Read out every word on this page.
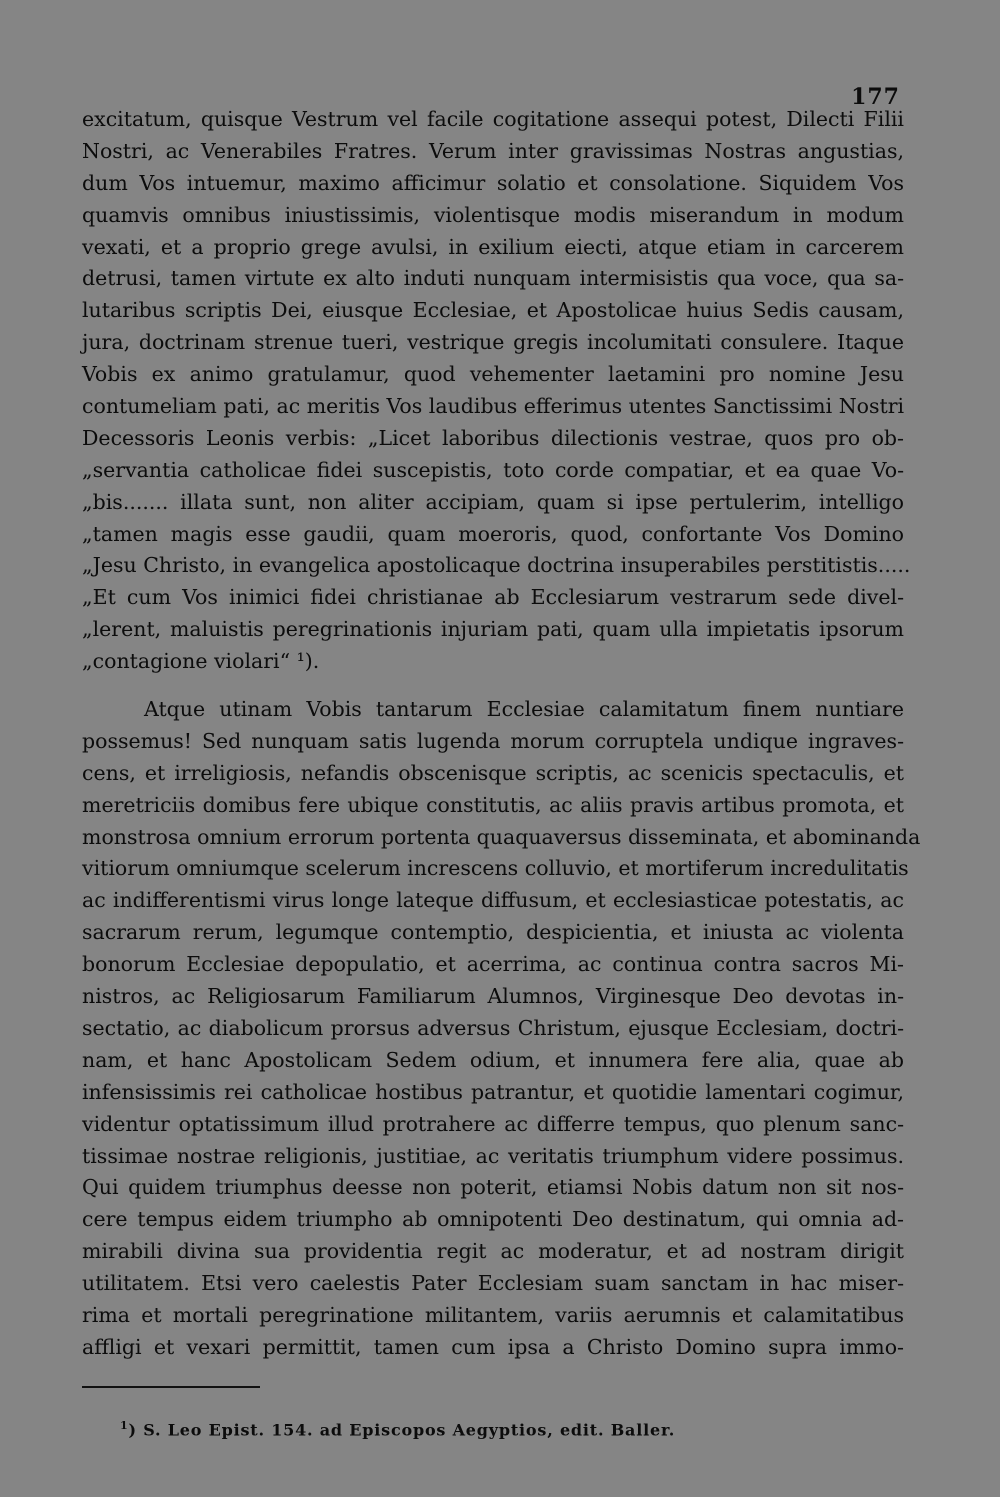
177
excitatum, quisque Vestrum vel facile cogitatione assequi potest, Dilecti Filii
Nostri, ac Venerabiles Fratres. Verum inter gravissimas Nostras angustias,
dum Vos intuemur, maximo afficimur solatio et consolatione. Siquidem Vos
quamvis omnibus iniustissimis, violentisque modis miserandum in modum
vexati, et a proprio grege avulsi, in exilium eiecti, atque etiam in carcerem
detrusi, tamen virtute ex alto induti nunquam intermisistis qua voce, qua sa-
lutaribus scriptis Dei, eiusque Ecclesiae, et Apostolicae huius Sedis causam,
jura, doctrinam strenue tueri, vestrique gregis incolumitati consulere. Itaque
Vobis ex animo gratulamur, quod vehementer laetamini pro nomine Jesu
contumeliam pati, ac meritis Vos laudibus efferimus utentes Sanctissimi Nostri
Decessoris Leonis verbis: „Licet laboribus dilectionis vestrae, quos pro ob-
„servantia catholicae fidei suscepistis, toto corde compatiar, et ea quae Vo-
„bis....... illata sunt, non aliter accipiam, quam si ipse pertulerim, intelligo
„tamen magis esse gaudii, quam moeroris, quod, confortante Vos Domino
„Jesu Christo, in evangelica apostolicaque doctrina insuperabiles perstitistis.....
„Et cum Vos inimici fidei christianae ab Ecclesiarum vestrarum sede divel-
„lerent, maluistis peregrinationis injuriam pati, quam ulla impietatis ipsorum
„contagione violari“ ¹).
Atque utinam Vobis tantarum Ecclesiae calamitatum finem nuntiare
possemus! Sed nunquam satis lugenda morum corruptela undique ingraves-
cens, et irreligiosis, nefandis obscenisque scriptis, ac scenicis spectaculis, et
meretriciis domibus fere ubique constitutis, ac aliis pravis artibus promota, et
monstrosa omnium errorum portenta quaquaversus disseminata, et abominanda
vitiorum omniumque scelerum increscens colluvio, et mortiferum incredulitatis
ac indifferentismi virus longe lateque diffusum, et ecclesiasticae potestatis, ac
sacrarum rerum, legumque contemptio, despicientia, et iniusta ac violenta
bonorum Ecclesiae depopulatio, et acerrima, ac continua contra sacros Mi-
nistros, ac Religiosarum Familiarum Alumnos, Virginesque Deo devotas in-
sectatio, ac diabolicum prorsus adversus Christum, ejusque Ecclesiam, doctri-
nam, et hanc Apostolicam Sedem odium, et innumera fere alia, quae ab
infensissimis rei catholicae hostibus patrantur, et quotidie lamentari cogimur,
videntur optatissimum illud protrahere ac differre tempus, quo plenum sanc-
tissimae nostrae religionis, justitiae, ac veritatis triumphum videre possimus.
Qui quidem triumphus deesse non poterit, etiamsi Nobis datum non sit nos-
cere tempus eidem triumpho ab omnipotenti Deo destinatum, qui omnia ad-
mirabili divina sua providentia regit ac moderatur, et ad nostram dirigit
utilitatem. Etsi vero caelestis Pater Ecclesiam suam sanctam in hac miser-
rima et mortali peregrinatione militantem, variis aerumnis et calamitatibus
affligi et vexari permittit, tamen cum ipsa a Christo Domino supra immo-
$^1$) S. Leo Epist. 154. ad Episcopos Aegyptios, edit. Baller.
